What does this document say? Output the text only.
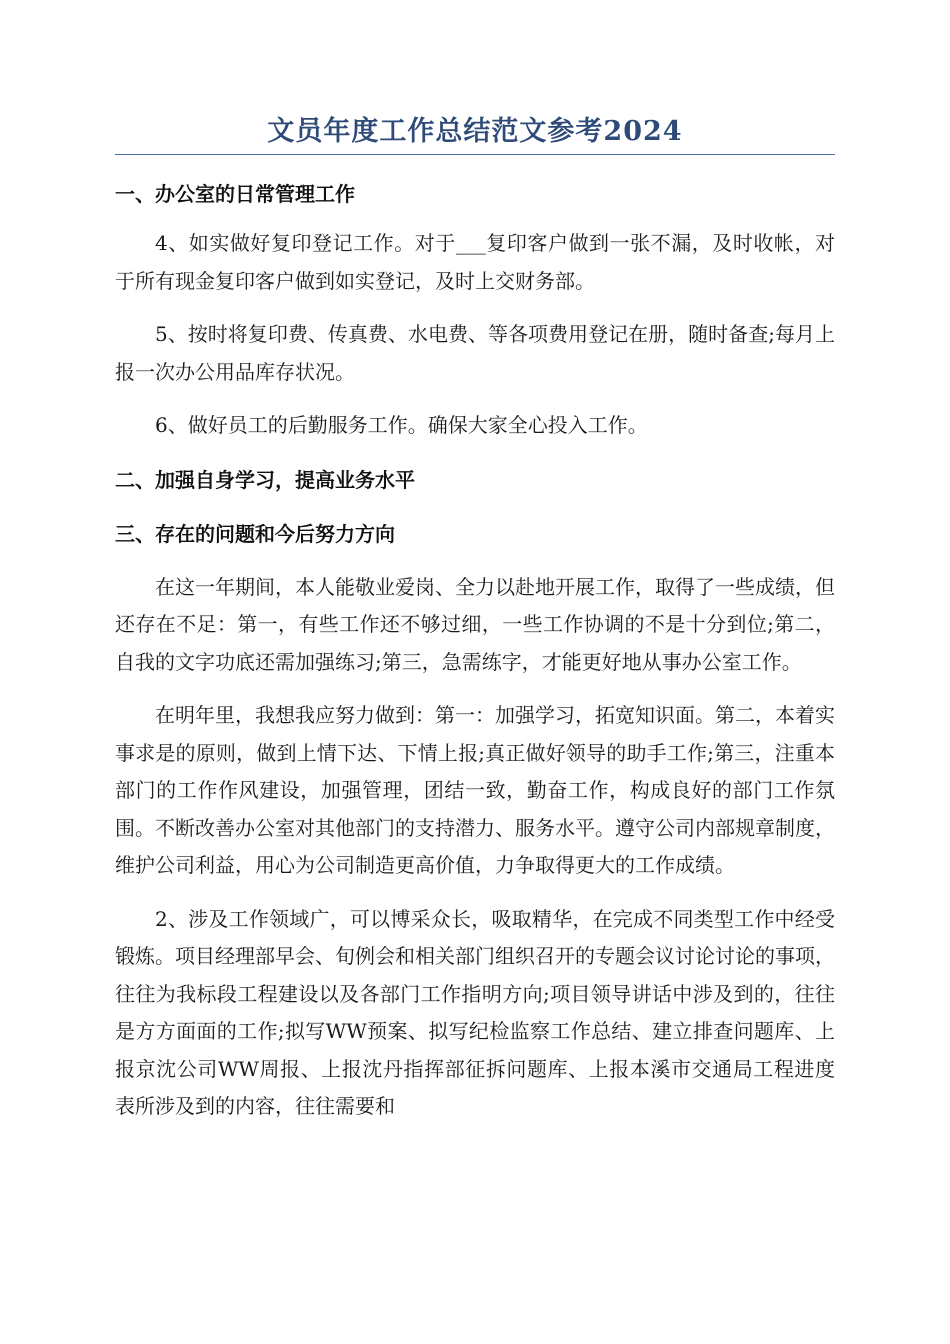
文员年度工作总结范文参考2024

一、办公室的日常管理工作

4、如实做好复印登记工作。对于___复印客户做到一张不漏，及时收帐，对于所有现金复印客户做到如实登记，及时上交财务部。

5、按时将复印费、传真费、水电费、等各项费用登记在册，随时备查;每月上报一次办公用品库存状况。

6、做好员工的后勤服务工作。确保大家全心投入工作。

二、加强自身学习，提高业务水平

三、存在的问题和今后努力方向

在这一年期间，本人能敬业爱岗、全力以赴地开展工作，取得了一些成绩，但还存在不足：第一，有些工作还不够过细，一些工作协调的不是十分到位;第二，自我的文字功底还需加强练习;第三，急需练字，才能更好地从事办公室工作。

在明年里，我想我应努力做到：第一：加强学习，拓宽知识面。第二，本着实事求是的原则，做到上情下达、下情上报;真正做好领导的助手工作;第三，注重本部门的工作作风建设，加强管理，团结一致，勤奋工作，构成良好的部门工作氛围。不断改善办公室对其他部门的支持潜力、服务水平。遵守公司内部规章制度，维护公司利益，用心为公司制造更高价值，力争取得更大的工作成绩。

2、涉及工作领域广，可以博采众长，吸取精华，在完成不同类型工作中经受锻炼。项目经理部早会、旬例会和相关部门组织召开的专题会议讨论讨论的事项，往往为我标段工程建设以及各部门工作指明方向;项目领导讲话中涉及到的，往往是方方面面的工作;拟写WW预案、拟写纪检监察工作总结、建立排查问题库、上报京沈公司WW周报、上报沈丹指挥部征拆问题库、上报本溪市交通局工程进度表所涉及到的内容，往往需要和
